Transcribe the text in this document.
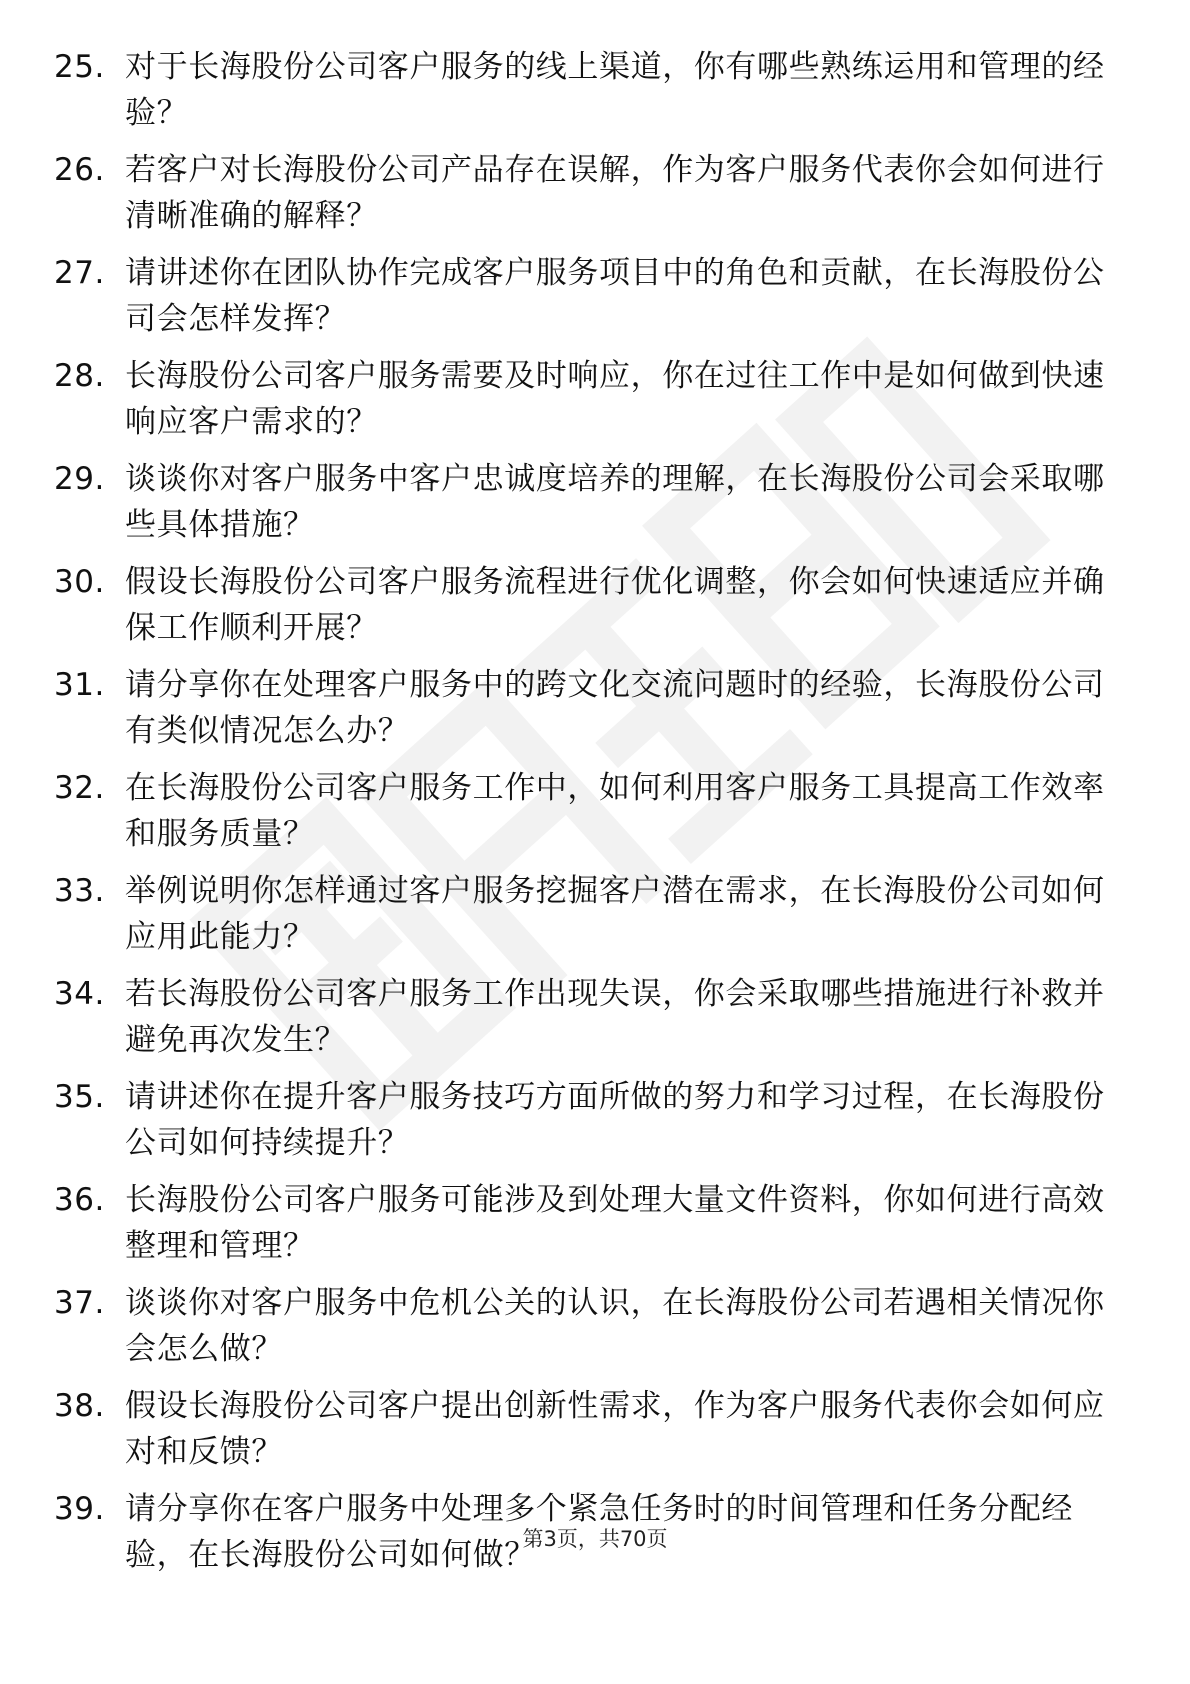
25. 对于长海股份公司客户服务的线上渠道，你有哪些熟练运用和管理的经验？
26. 若客户对长海股份公司产品存在误解，作为客户服务代表你会如何进行清晰准确的解释？
27. 请讲述你在团队协作完成客户服务项目中的角色和贡献，在长海股份公司会怎样发挥？
28. 长海股份公司客户服务需要及时响应，你在过往工作中是如何做到快速响应客户需求的？
29. 谈谈你对客户服务中客户忠诚度培养的理解，在长海股份公司会采取哪些具体措施？
30. 假设长海股份公司客户服务流程进行优化调整，你会如何快速适应并确保工作顺利开展？
31. 请分享你在处理客户服务中的跨文化交流问题时的经验，长海股份公司有类似情况怎么办？
32. 在长海股份公司客户服务工作中，如何利用客户服务工具提高工作效率和服务质量？
33. 举例说明你怎样通过客户服务挖掘客户潜在需求，在长海股份公司如何应用此能力？
34. 若长海股份公司客户服务工作出现失误，你会采取哪些措施进行补救并避免再次发生？
35. 请讲述你在提升客户服务技巧方面所做的努力和学习过程，在长海股份公司如何持续提升？
36. 长海股份公司客户服务可能涉及到处理大量文件资料，你如何进行高效整理和管理？
37. 谈谈你对客户服务中危机公关的认识，在长海股份公司若遇相关情况你会怎么做？
38. 假设长海股份公司客户提出创新性需求，作为客户服务代表你会如何应对和反馈？
39. 请分享你在客户服务中处理多个紧急任务时的时间管理和任务分配经验，在长海股份公司如何做？
第3页，共70页
